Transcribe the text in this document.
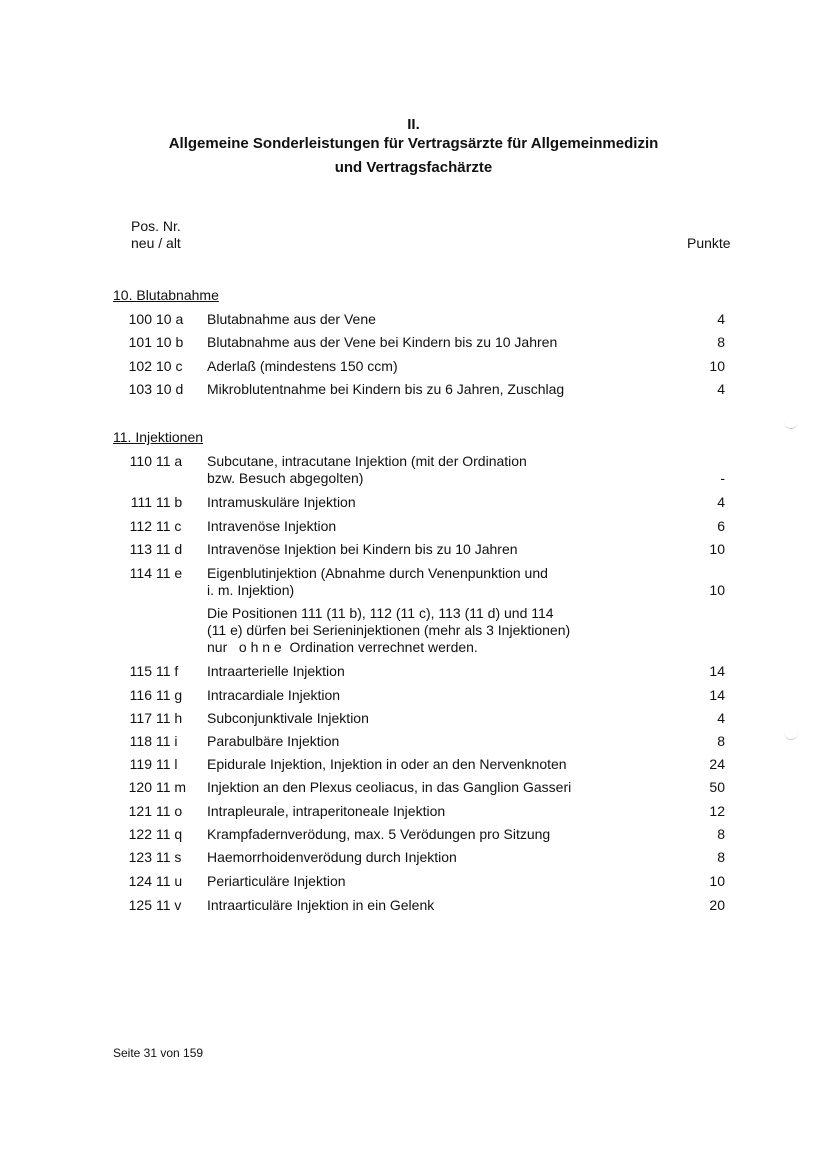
II.
Allgemeine Sonderleistungen für Vertragsärzte für Allgemeinmedizin
und Vertragsfachärzte
Pos. Nr.
neu / alt	Punkte
10. Blutabnahme
100 10 a	Blutabnahme aus der Vene	4
101 10 b	Blutabnahme aus der Vene bei Kindern bis zu 10 Jahren	8
102 10 c	Aderlaß (mindestens 150 ccm)	10
103 10 d	Mikroblutentnahme bei Kindern bis zu 6 Jahren, Zuschlag	4
11. Injektionen
110 11 a	Subcutane, intracutane Injektion (mit der Ordination
bzw. Besuch abgegolten)	-
111 11 b	Intramuskuläre Injektion	4
112 11 c	Intravenöse Injektion	6
113 11 d	Intravenöse Injektion bei Kindern bis zu 10 Jahren	10
114 11 e	Eigenblutinjektion (Abnahme durch Venenpunktion und
i. m. Injektion)	10
Die Positionen 111 (11 b), 112 (11 c), 113 (11 d) und 114
(11 e) dürfen bei Serieninjektionen (mehr als 3 Injektionen)
nur   o h n e  Ordination verrechnet werden.
115 11 f	Intraarterielle Injektion	14
116 11 g	Intracardiale Injektion	14
117 11 h	Subconjunktivale Injektion	4
118 11 i	Parabulbäre Injektion	8
119 11 l	Epidurale Injektion, Injektion in oder an den Nervenknoten	24
120 11 m Injektion an den Plexus ceoliacus, in das Ganglion Gasseri	50
121 11 o	Intrapleurale, intraperitoneale Injektion	12
122 11 q	Krampfadernverödung, max. 5 Verödungen pro Sitzung	8
123 11 s	Haemorrhoidenverödung durch Injektion	8
124 11 u	Periarticuläre Injektion	10
125 11 v	Intraarticuläre Injektion in ein Gelenk	20
Seite 31 von 159
